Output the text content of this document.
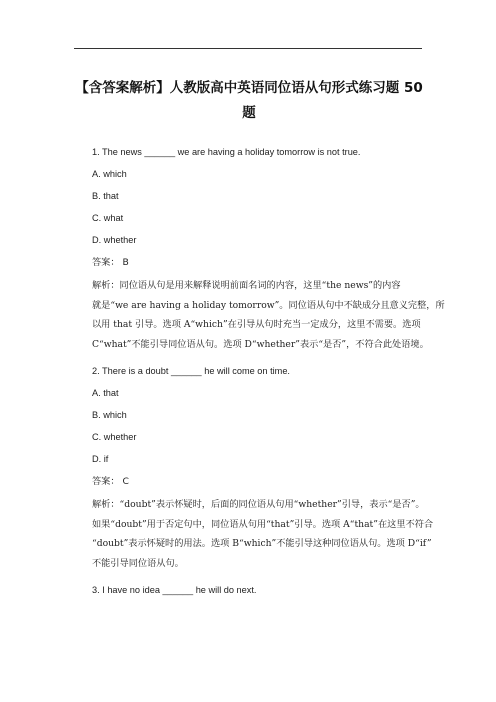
【含答案解析】人教版高中英语同位语从句形式练习题 50
题
1. The news ______ we are having a holiday tomorrow is not true.
A. which
B. that
C. what
D. whether
答案： B
解析：同位语从句是用来解释说明前面名词的内容，这里“the news”的内容
就是“we are having a holiday tomorrow”。同位语从句中不缺成分且意义完整，所
以用 that 引导。选项 A“which”在引导从句时充当一定成分，这里不需要。选项
C“what”不能引导同位语从句。选项 D“whether”表示“是否”，不符合此处语境。
2. There is a doubt ______ he will come on time.
A. that
B. which
C. whether
D. if
答案： C
解析：“doubt”表示怀疑时，后面的同位语从句用“whether”引导，表示“是否”。
如果“doubt”用于否定句中，同位语从句用“that”引导。选项 A“that”在这里不符合
“doubt”表示怀疑时的用法。选项 B“which”不能引导这种同位语从句。选项 D“if”
不能引导同位语从句。
3. I have no idea ______ he will do next.
